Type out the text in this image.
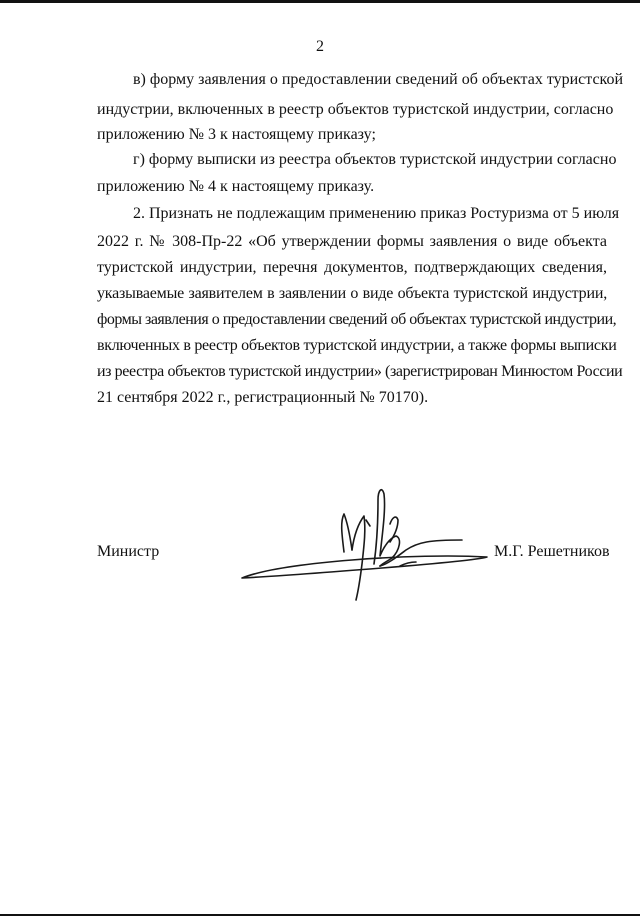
2
в) форму заявления о предоставлении сведений об объектах туристской
индустрии, включенных в реестр объектов туристской индустрии, согласно
приложению № 3 к настоящему приказу;
г) форму выписки из реестра объектов туристской индустрии согласно
приложению № 4 к настоящему приказу.
2. Признать не подлежащим применению приказ Ростуризма от 5 июля
2022 г. № 308-Пр-22 «Об утверждении формы заявления о виде объекта
туристской индустрии, перечня документов, подтверждающих сведения,
указываемые заявителем в заявлении о виде объекта туристской индустрии,
формы заявления о предоставлении сведений об объектах туристской индустрии,
включенных в реестр объектов туристской индустрии, а также формы выписки
из реестра объектов туристской индустрии» (зарегистрирован Минюстом России
21 сентября 2022 г., регистрационный № 70170).
Министр	М.Г. Решетников
